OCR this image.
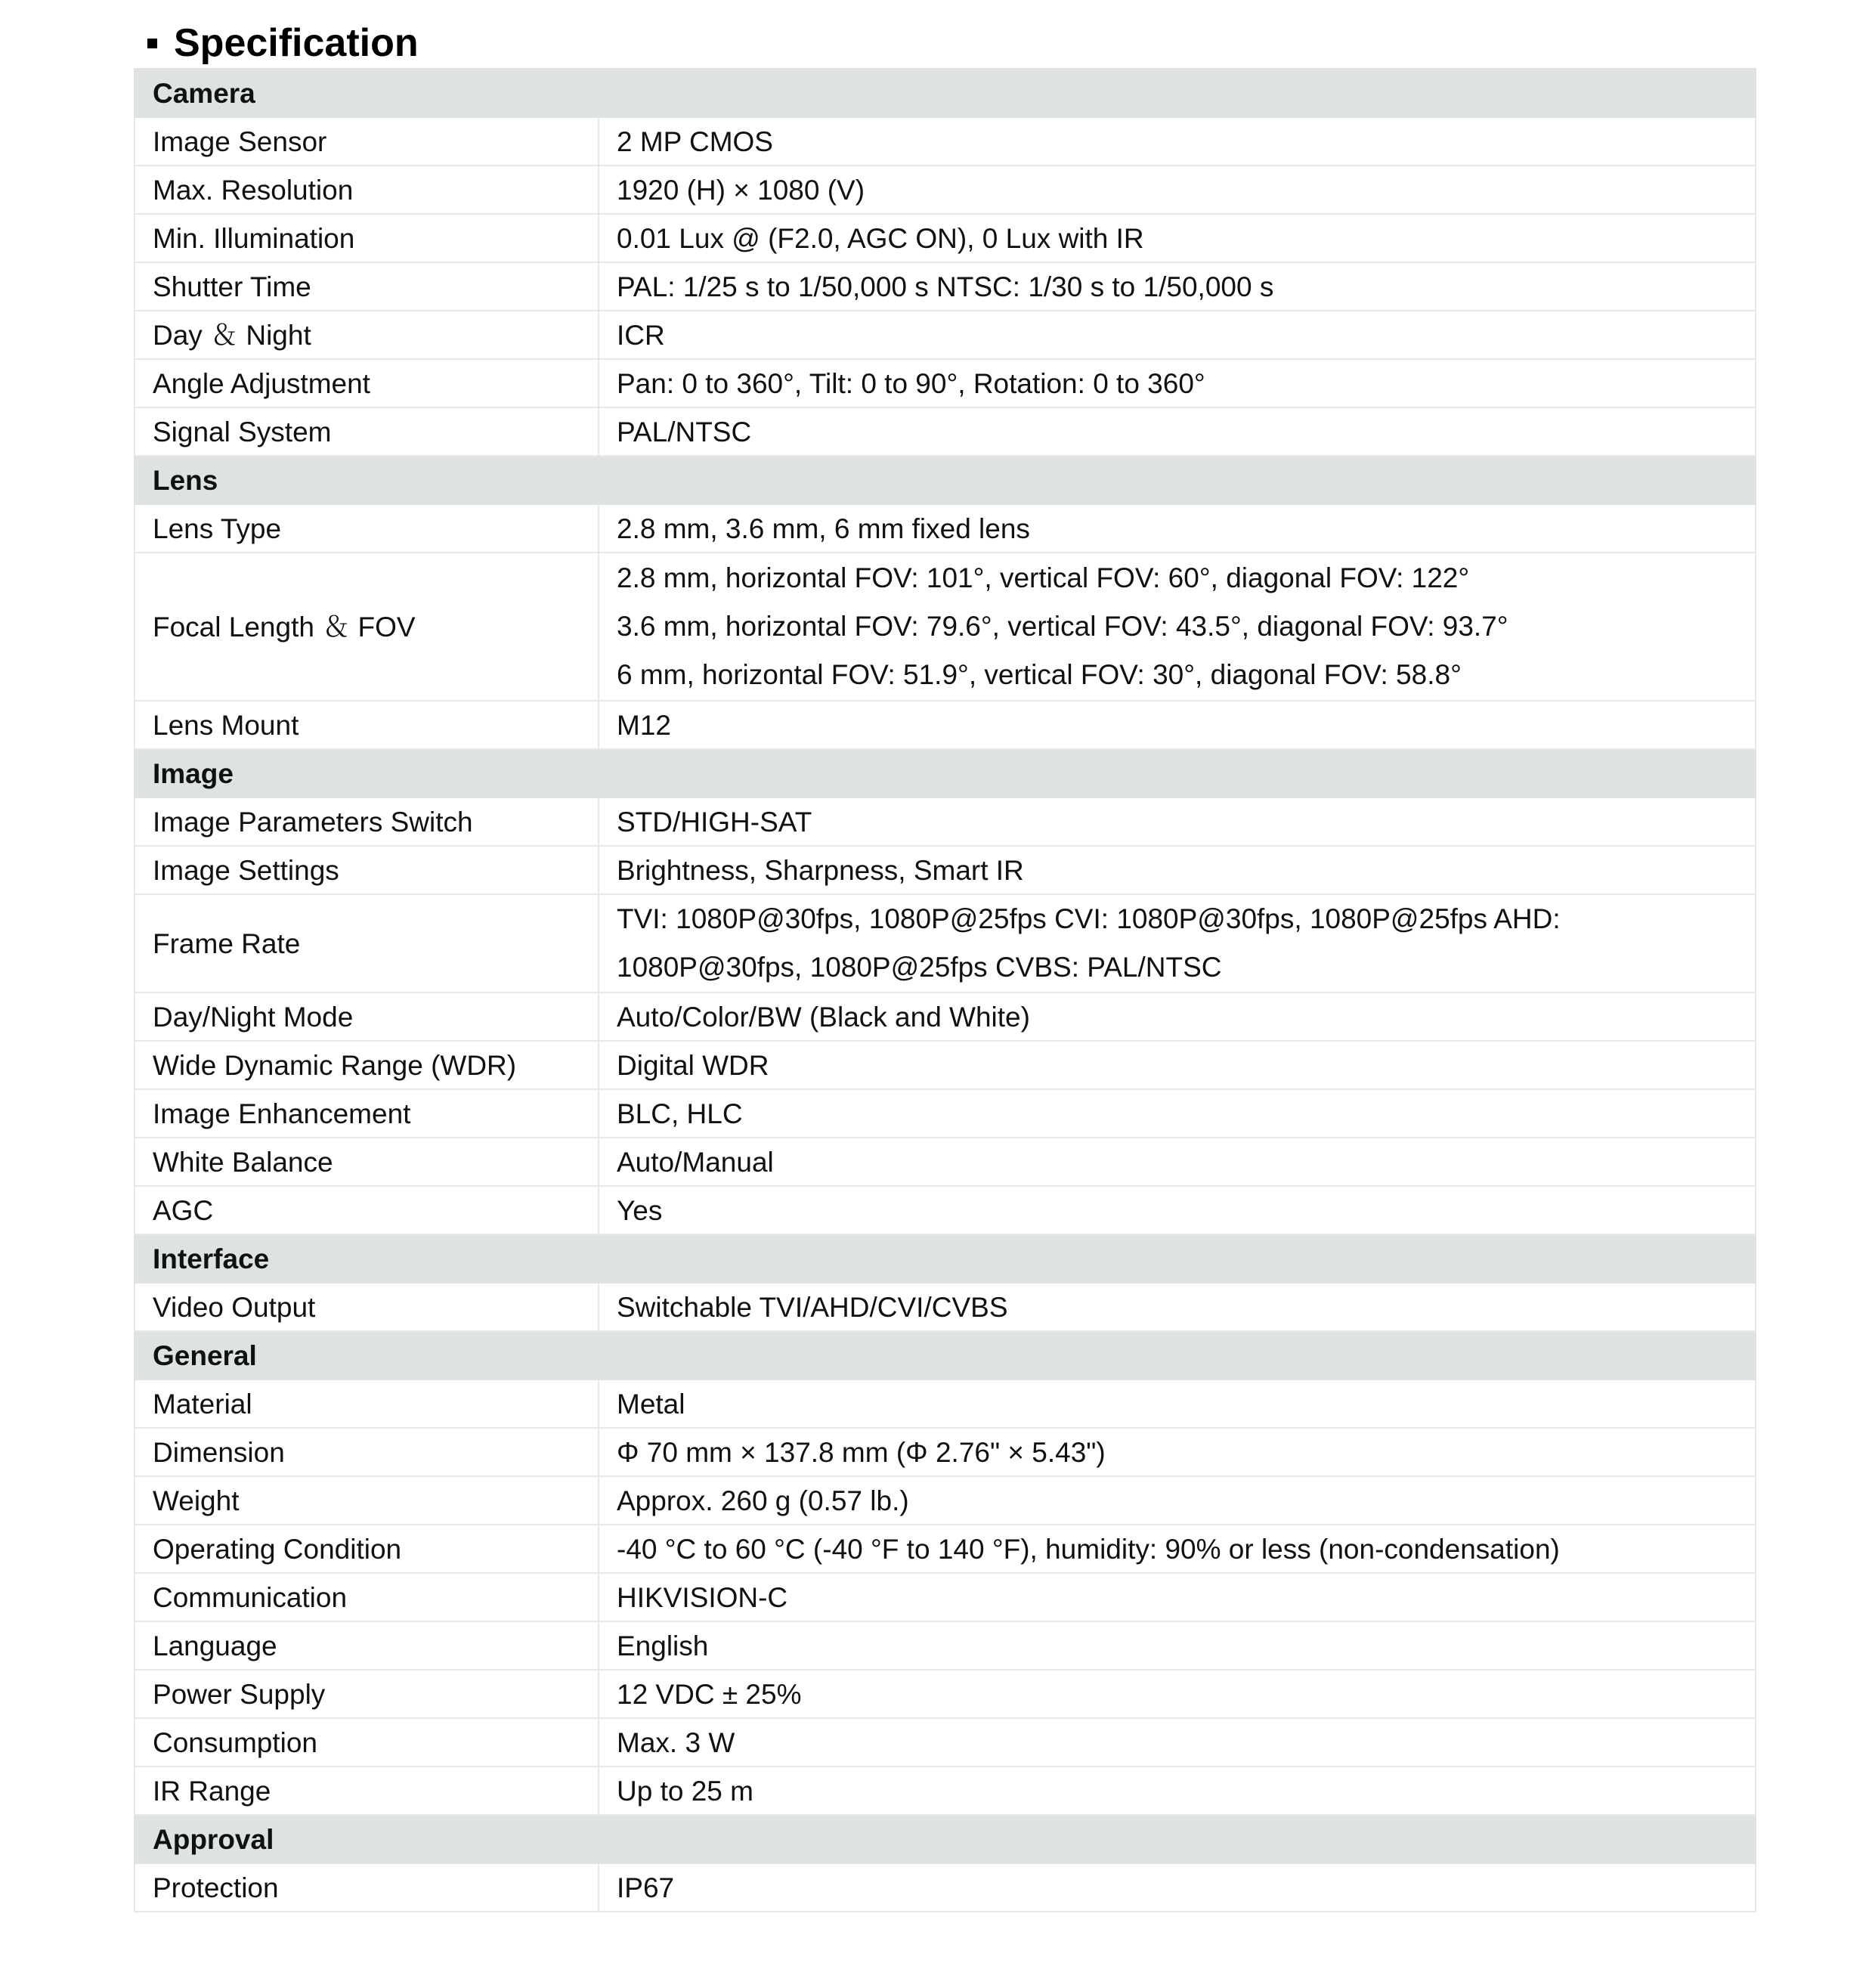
Specification
Camera	
Image Sensor	2 MP CMOS
Max. Resolution	1920 (H) × 1080 (V)
Min. Illumination	0.01 Lux @ (F2.0, AGC ON), 0 Lux with IR
Shutter Time	PAL: 1/25 s to 1/50,000 s NTSC: 1/30 s to 1/50,000 s
Day ＆ Night	ICR
Angle Adjustment	Pan: 0 to 360°, Tilt: 0 to 90°, Rotation: 0 to 360°
Signal System	PAL/NTSC
Lens	
Lens Type	2.8 mm, 3.6 mm, 6 mm fixed lens
Focal Length ＆ FOV	2.8 mm, horizontal FOV: 101°, vertical FOV: 60°, diagonal FOV: 122°
3.6 mm, horizontal FOV: 79.6°, vertical FOV: 43.5°, diagonal FOV: 93.7°
6 mm, horizontal FOV: 51.9°, vertical FOV: 30°, diagonal FOV: 58.8°

Lens Mount	M12
Image	
Image Parameters Switch	STD/HIGH-SAT
Image Settings	Brightness, Sharpness, Smart IR
Frame Rate	TVI: 1080P@30fps, 1080P@25fps CVI: 1080P@30fps, 1080P@25fps AHD:
1080P@30fps, 1080P@25fps CVBS: PAL/NTSC

Day/Night Mode	Auto/Color/BW (Black and White)
Wide Dynamic Range (WDR)	Digital WDR
Image Enhancement	BLC, HLC
White Balance	Auto/Manual
AGC	Yes
Interface	
Video Output	Switchable TVI/AHD/CVI/CVBS
General	
Material	Metal
Dimension	Φ 70 mm × 137.8 mm (Φ 2.76" × 5.43")
Weight	Approx. 260 g (0.57 lb.)
Operating Condition	-40 °C to 60 °C (-40 °F to 140 °F), humidity: 90% or less (non-condensation)
Communication	HIKVISION-C
Language	English
Power Supply	12 VDC ± 25%
Consumption	Max. 3 W
IR Range	Up to 25 m
Approval	
Protection	IP67
